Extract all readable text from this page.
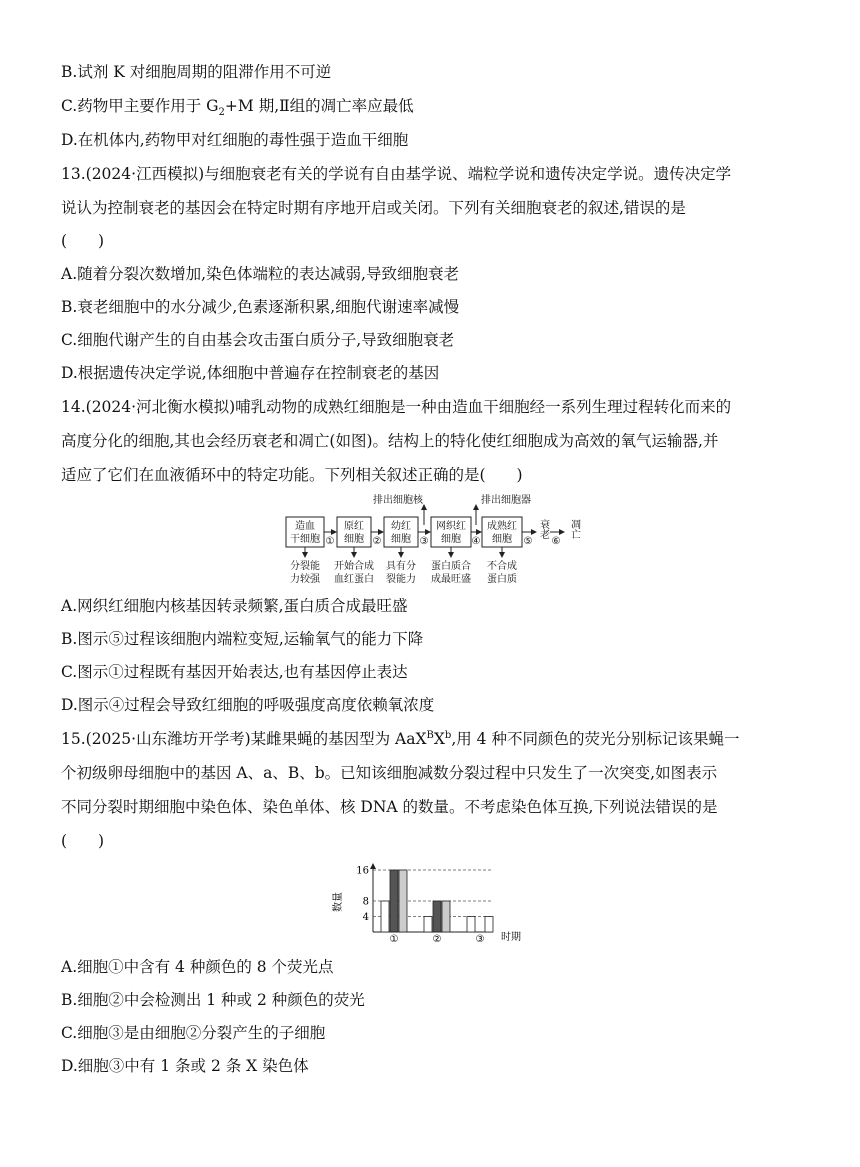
B.试剂 K 对细胞周期的阻滞作用不可逆
C.药物甲主要作用于 $G_2+M$ 期,Ⅱ组的凋亡率应最低
D.在机体内,药物甲对红细胞的毒性强于造血干细胞
13.(2024·江西模拟)与细胞衰老有关的学说有自由基学说、端粒学说和遗传决定学说。遗传决定学
说认为控制衰老的基因会在特定时期有序地开启或关闭。下列有关细胞衰老的叙述,错误的是
(　　)
A.随着分裂次数增加,染色体端粒的表达减弱,导致细胞衰老
B.衰老细胞中的水分减少,色素逐渐积累,细胞代谢速率减慢
C.细胞代谢产生的自由基会攻击蛋白质分子,导致细胞衰老
D.根据遗传决定学说,体细胞中普遍存在控制衰老的基因
14.(2024·河北衡水模拟)哺乳动物的成熟红细胞是一种由造血干细胞经一系列生理过程转化而来的
高度分化的细胞,其也会经历衰老和凋亡(如图)。结构上的特化使红细胞成为高效的氧气运输器,并
适应了它们在血液循环中的特定功能。下列相关叙述正确的是(　　)
造血
干细胞
原红
细胞
幼红
细胞
网织红
细胞
成熟红
细胞
①	②	③	④	⑤ ⑥
衰老 凋亡
排出细胞核	排出细胞器
分裂能
力较强
开始合成
血红蛋白
具有分
裂能力
蛋白质合
成最旺盛
不合成
蛋白质
A.网织红细胞内核基因转录频繁,蛋白质合成最旺盛
B.图示⑤过程该细胞内端粒变短,运输氧气的能力下降
C.图示①过程既有基因开始表达,也有基因停止表达
D.图示④过程会导致红细胞的呼吸强度高度依赖氧浓度
15.(2025·山东潍坊开学考)某雌果蝇的基因型为 $AaX^BX^b$,用 4 种不同颜色的荧光分别标记该果蝇一
个初级卵母细胞中的基因 A、a、B、b。已知该细胞减数分裂过程中只发生了一次突变,如图表示
不同分裂时期细胞中染色体、染色单体、核 DNA 的数量。不考虑染色体互换,下列说法错误的是
(　　)
数量
4
8
16
①	②	③ 时期
A.细胞①中含有 4 种颜色的 8 个荧光点
B.细胞②中会检测出 1 种或 2 种颜色的荧光
C.细胞③是由细胞②分裂产生的子细胞
D.细胞③中有 1 条或 2 条 X 染色体
